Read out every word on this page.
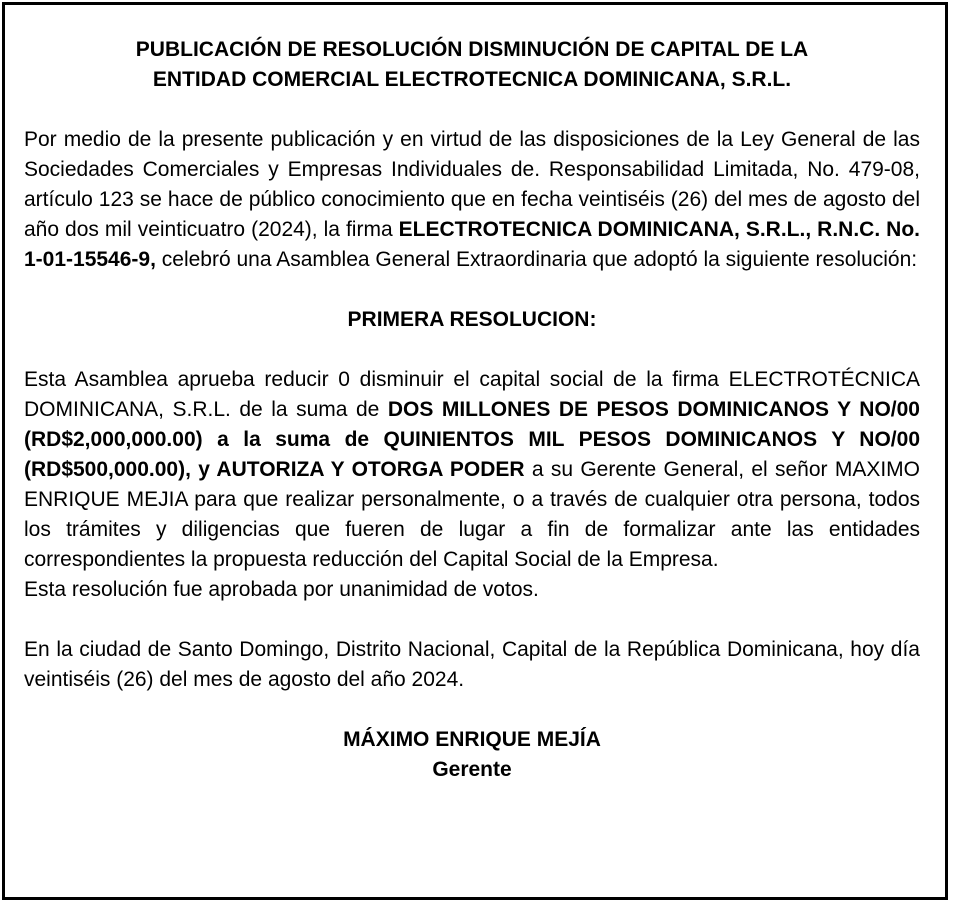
PUBLICACIÓN DE RESOLUCIÓN DISMINUCIÓN DE CAPITAL DE LA
ENTIDAD COMERCIAL ELECTROTECNICA DOMINICANA, S.R.L.

Por medio de la presente publicación y en virtud de las disposiciones de la Ley General de las Sociedades Comerciales y Empresas Individuales de. Responsabilidad Limitada, No. 479-08, artículo 123 se hace de público conocimiento que en fecha veintiséis (26) del mes de agosto del año dos mil veinticuatro (2024), la firma ELECTROTECNICA DOMINICANA, S.R.L., R.N.C. No. 1-01-15546-9, celebró una Asamblea General Extraordinaria que adoptó la siguiente resolución:

PRIMERA RESOLUCION:

Esta Asamblea aprueba reducir 0 disminuir el capital social de la firma ELECTROTÉCNICA DOMINICANA, S.R.L. de la suma de DOS MILLONES DE PESOS DOMINICANOS Y NO/00 (RD$2,000,000.00) a la suma de QUINIENTOS MIL PESOS DOMINICANOS Y NO/00 (RD$500,000.00), y AUTORIZA Y OTORGA PODER a su Gerente General, el señor MAXIMO ENRIQUE MEJIA para que realizar personalmente, o a través de cualquier otra persona, todos los trámites y diligencias que fueren de lugar a fin de formalizar ante las entidades correspondientes la propuesta reducción del Capital Social de la Empresa.

Esta resolución fue aprobada por unanimidad de votos.

En la ciudad de Santo Domingo, Distrito Nacional, Capital de la República Dominicana, hoy día veintiséis (26) del mes de agosto del año 2024.

MÁXIMO ENRIQUE MEJÍA
Gerente
